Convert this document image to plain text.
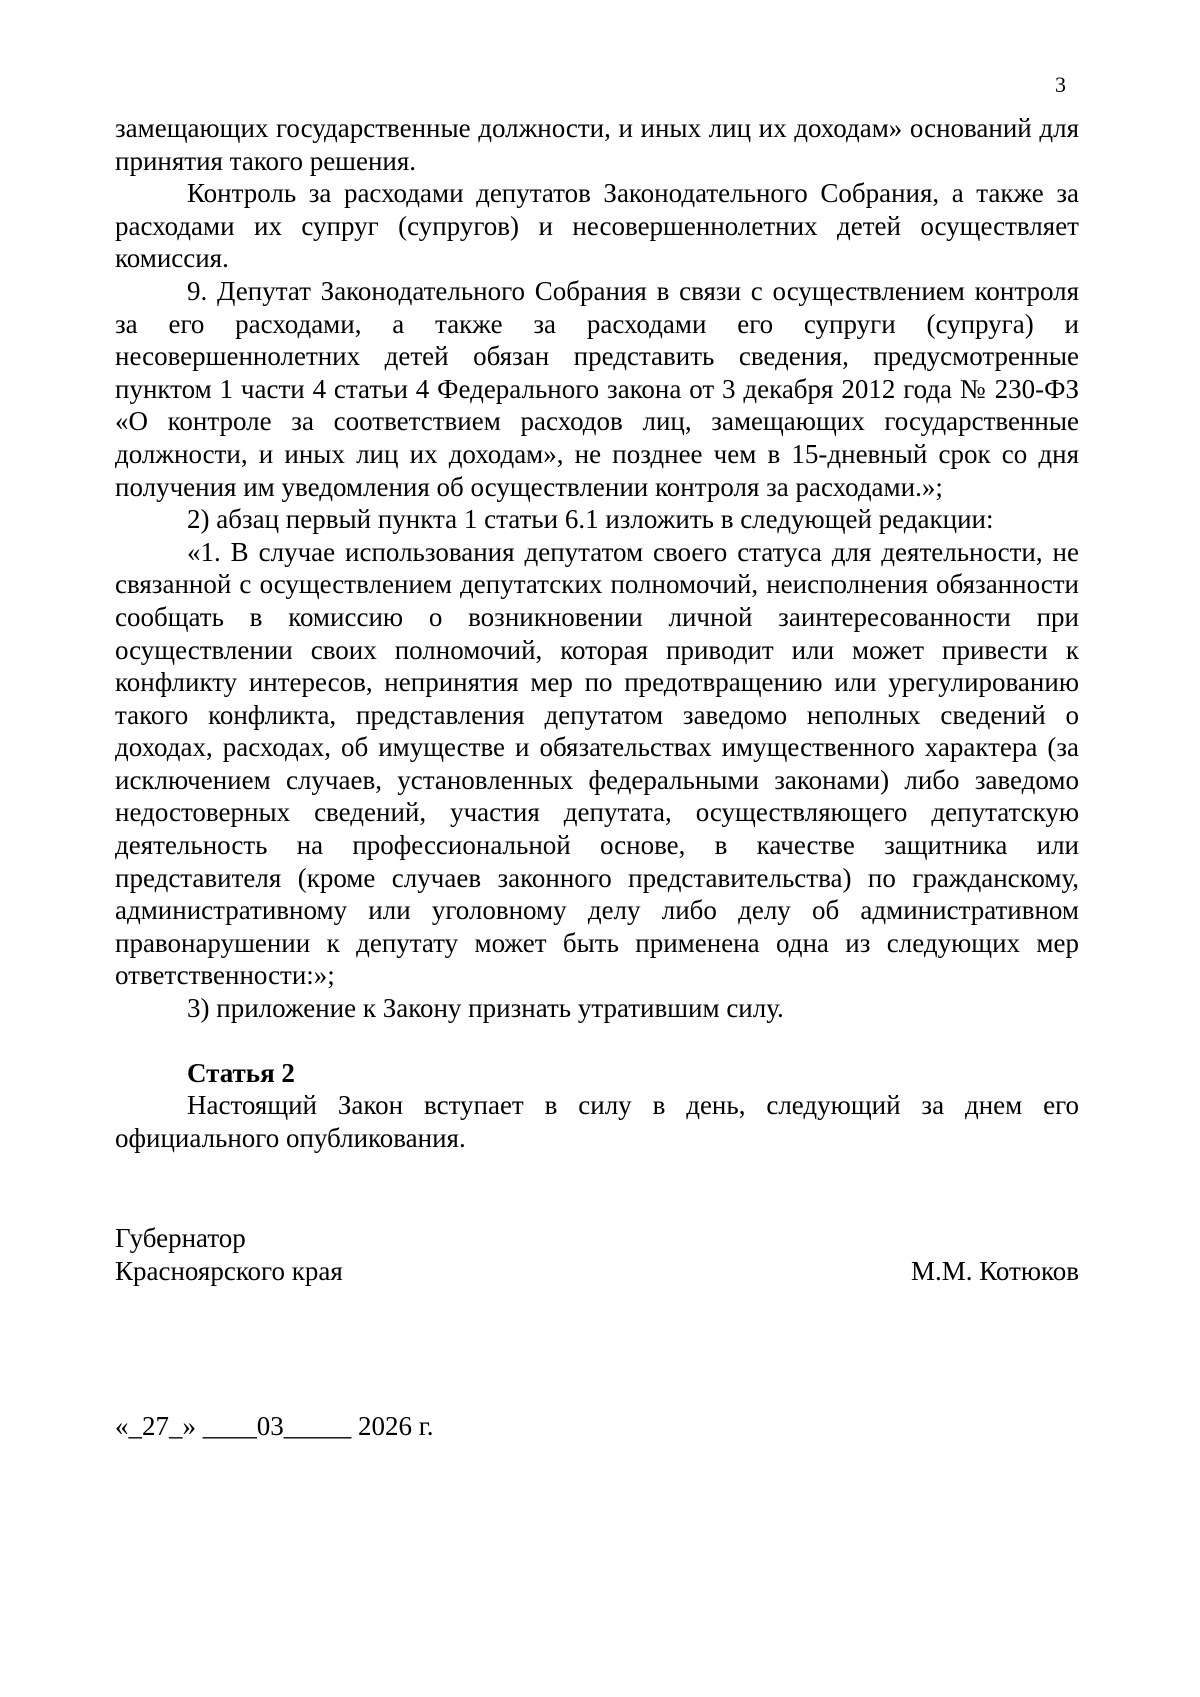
3

замещающих государственные должности, и иных лиц их доходам» оснований для принятия такого решения.

Контроль за расходами депутатов Законодательного Собрания, а также за расходами их супруг (супругов) и несовершеннолетних детей осуществляет комиссия.

9. Депутат Законодательного Собрания в связи с осуществлением контроля за его расходами, а также за расходами его супруги (супруга) и несовершеннолетних детей обязан представить сведения, предусмотренные пунктом 1 части 4 статьи 4 Федерального закона от 3 декабря 2012 года № 230-ФЗ «О контроле за соответствием расходов лиц, замещающих государственные должности, и иных лиц их доходам», не позднее чем в 15-дневный срок со дня получения им уведомления об осуществлении контроля за расходами.»;

2) абзац первый пункта 1 статьи 6.1 изложить в следующей редакции:

«1. В случае использования депутатом своего статуса для деятельности, не связанной с осуществлением депутатских полномочий, неисполнения обязанности сообщать в комиссию о возникновении личной заинтересованности при осуществлении своих полномочий, которая приводит или может привести к конфликту интересов, непринятия мер по предотвращению или урегулированию такого конфликта, представления депутатом заведомо неполных сведений о доходах, расходах, об имуществе и обязательствах имущественного характера (за исключением случаев, установленных федеральными законами) либо заведомо недостоверных сведений, участия депутата, осуществляющего депутатскую деятельность на профессиональной основе, в качестве защитника или представителя (кроме случаев законного представительства) по гражданскому, административному или уголовному делу либо делу об административном правонарушении к депутату может быть применена одна из следующих мер ответственности:»;

3) приложение к Закону признать утратившим силу.

Статья 2

Настоящий Закон вступает в силу в день, следующий за днем его официального опубликования.

Губернатор
Красноярского края	М.М. Котюков
«_27_» ____03_____ 2026 г.
